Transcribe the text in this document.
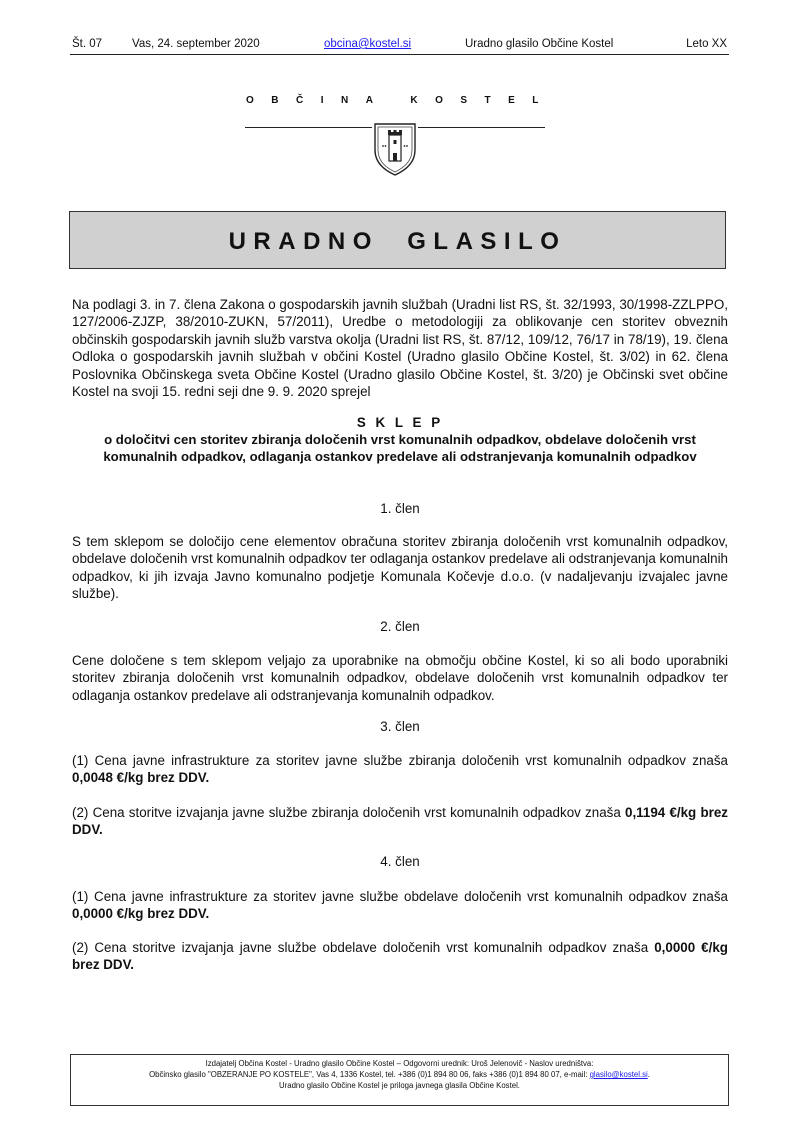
Št. 07	Vas, 24. september 2020	obcina@kostel.si	Uradno glasilo Občine Kostel	Leto XX
OBČINA KOSTEL
URADNO  GLASILO
Na podlagi 3. in 7. člena Zakona o gospodarskih javnih službah (Uradni list RS, št. 32/1993, 30/1998-ZZLPPO, 127/2006-ZJZP, 38/2010-ZUKN, 57/2011), Uredbe o metodologiji za oblikovanje cen storitev obveznih občinskih gospodarskih javnih služb varstva okolja (Uradni list RS, št. 87/12, 109/12, 76/17 in 78/19), 19. člena Odloka o gospodarskih javnih službah v občini Kostel (Uradno glasilo Občine Kostel, št. 3/02) in 62. člena Poslovnika Občinskega sveta Občine Kostel (Uradno glasilo Občine Kostel, št. 3/20) je Občinski svet občine Kostel na svoji 15. redni seji dne 9. 9. 2020 sprejel
S K L E P
o določitvi cen storitev zbiranja določenih vrst komunalnih odpadkov, obdelave določenih vrst komunalnih odpadkov, odlaganja ostankov predelave ali odstranjevanja komunalnih odpadkov
1. člen
S tem sklepom se določijo cene elementov obračuna storitev zbiranja določenih vrst komunalnih odpadkov, obdelave določenih vrst komunalnih odpadkov ter odlaganja ostankov predelave ali odstranjevanja komunalnih odpadkov, ki jih izvaja Javno komunalno podjetje Komunala Kočevje d.o.o. (v nadaljevanju izvajalec javne službe).
2. člen
Cene določene s tem sklepom veljajo za uporabnike na območju občine Kostel, ki so ali bodo uporabniki storitev zbiranja določenih vrst komunalnih odpadkov, obdelave določenih vrst komunalnih odpadkov ter odlaganja ostankov predelave ali odstranjevanja komunalnih odpadkov.
3. člen
(1) Cena javne infrastrukture za storitev javne službe zbiranja določenih vrst komunalnih odpadkov znaša 0,0048 €/kg brez DDV.
(2) Cena storitve izvajanja javne službe zbiranja določenih vrst komunalnih odpadkov znaša 0,1194 €/kg brez DDV.
4. člen
(1) Cena javne infrastrukture za storitev javne službe obdelave določenih vrst komunalnih odpadkov znaša 0,0000 €/kg brez DDV.
(2) Cena storitve izvajanja javne službe obdelave določenih vrst komunalnih odpadkov znaša 0,0000 €/kg brez DDV.
Izdajatelj Občina Kostel - Uradno glasilo Občine Kostel – Odgovorni urednik: Uroš Jelenovič - Naslov uredništva:
Občinsko glasilo "OBZERANJE PO KOSTELE", Vas 4, 1336 Kostel, tel. +386 (0)1 894 80 06, faks +386 (0)1 894 80 07, e-mail: glasilo@kostel.si.
Uradno glasilo Občine Kostel je priloga javnega glasila Občine Kostel.
